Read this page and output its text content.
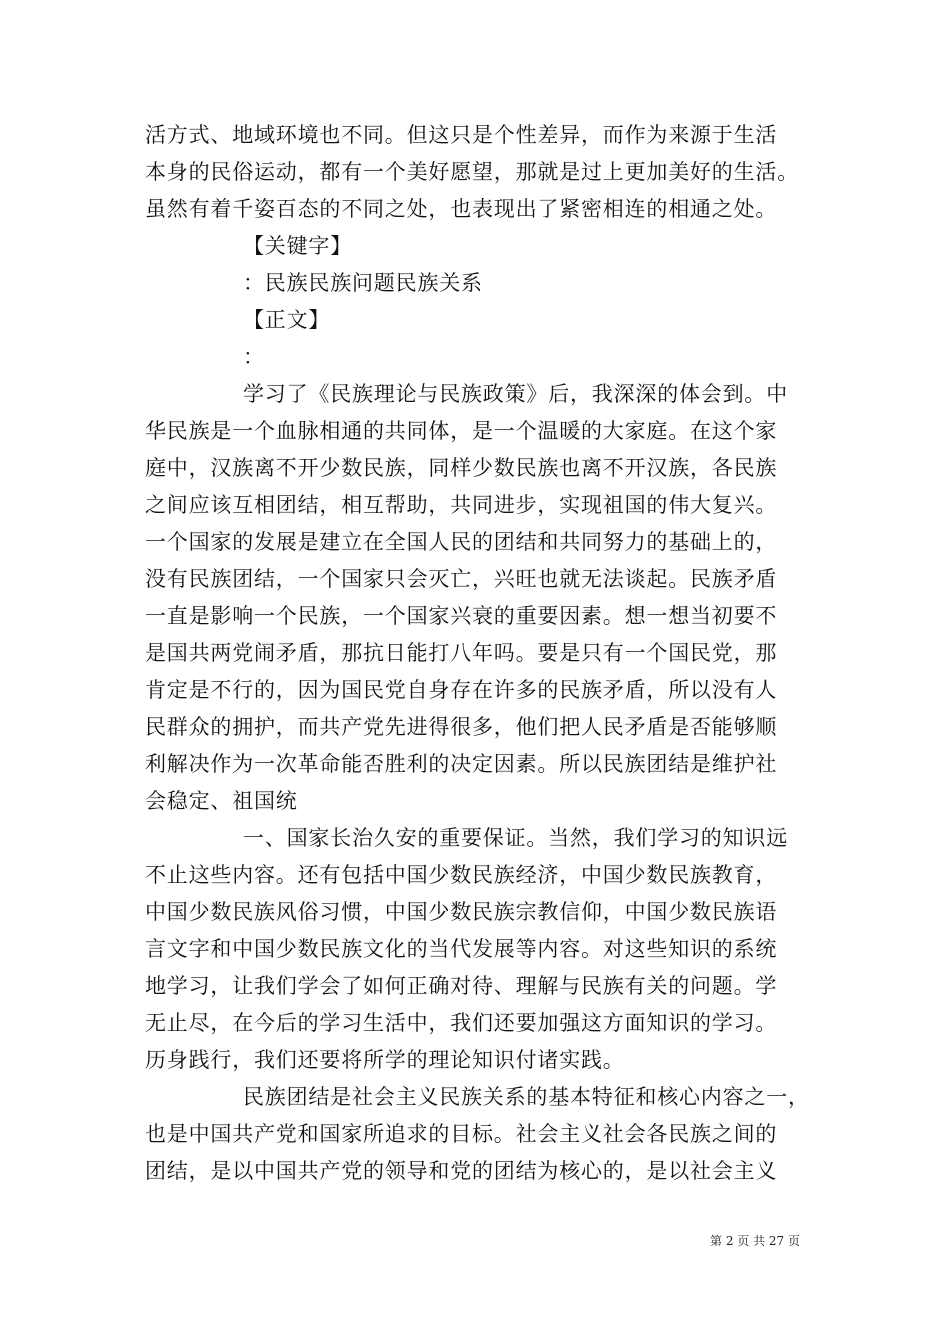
活方式、地域环境也不同。但这只是个性差异，而作为来源于生活
本身的民俗运动，都有一个美好愿望，那就是过上更加美好的生活。
虽然有着千姿百态的不同之处，也表现出了紧密相连的相通之处。
【关键字】
：民族民族问题民族关系
【正文】
：
学习了《民族理论与民族政策》后，我深深的体会到。中
华民族是一个血脉相通的共同体，是一个温暖的大家庭。在这个家
庭中，汉族离不开少数民族，同样少数民族也离不开汉族，各民族
之间应该互相团结，相互帮助，共同进步，实现祖国的伟大复兴。
一个国家的发展是建立在全国人民的团结和共同努力的基础上的，
没有民族团结，一个国家只会灭亡，兴旺也就无法谈起。民族矛盾
一直是影响一个民族，一个国家兴衰的重要因素。想一想当初要不
是国共两党闹矛盾，那抗日能打八年吗。要是只有一个国民党，那
肯定是不行的，因为国民党自身存在许多的民族矛盾，所以没有人
民群众的拥护，而共产党先进得很多，他们把人民矛盾是否能够顺
利解决作为一次革命能否胜利的决定因素。所以民族团结是维护社
会稳定、祖国统
一、国家长治久安的重要保证。当然，我们学习的知识远
不止这些内容。还有包括中国少数民族经济，中国少数民族教育，
中国少数民族风俗习惯，中国少数民族宗教信仰，中国少数民族语
言文字和中国少数民族文化的当代发展等内容。对这些知识的系统
地学习，让我们学会了如何正确对待、理解与民族有关的问题。学
无止尽，在今后的学习生活中，我们还要加强这方面知识的学习。
历身践行，我们还要将所学的理论知识付诸实践。
民族团结是社会主义民族关系的基本特征和核心内容之一，
也是中国共产党和国家所追求的目标。社会主义社会各民族之间的
团结，是以中国共产党的领导和党的团结为核心的，是以社会主义
第 2 页 共 27 页
